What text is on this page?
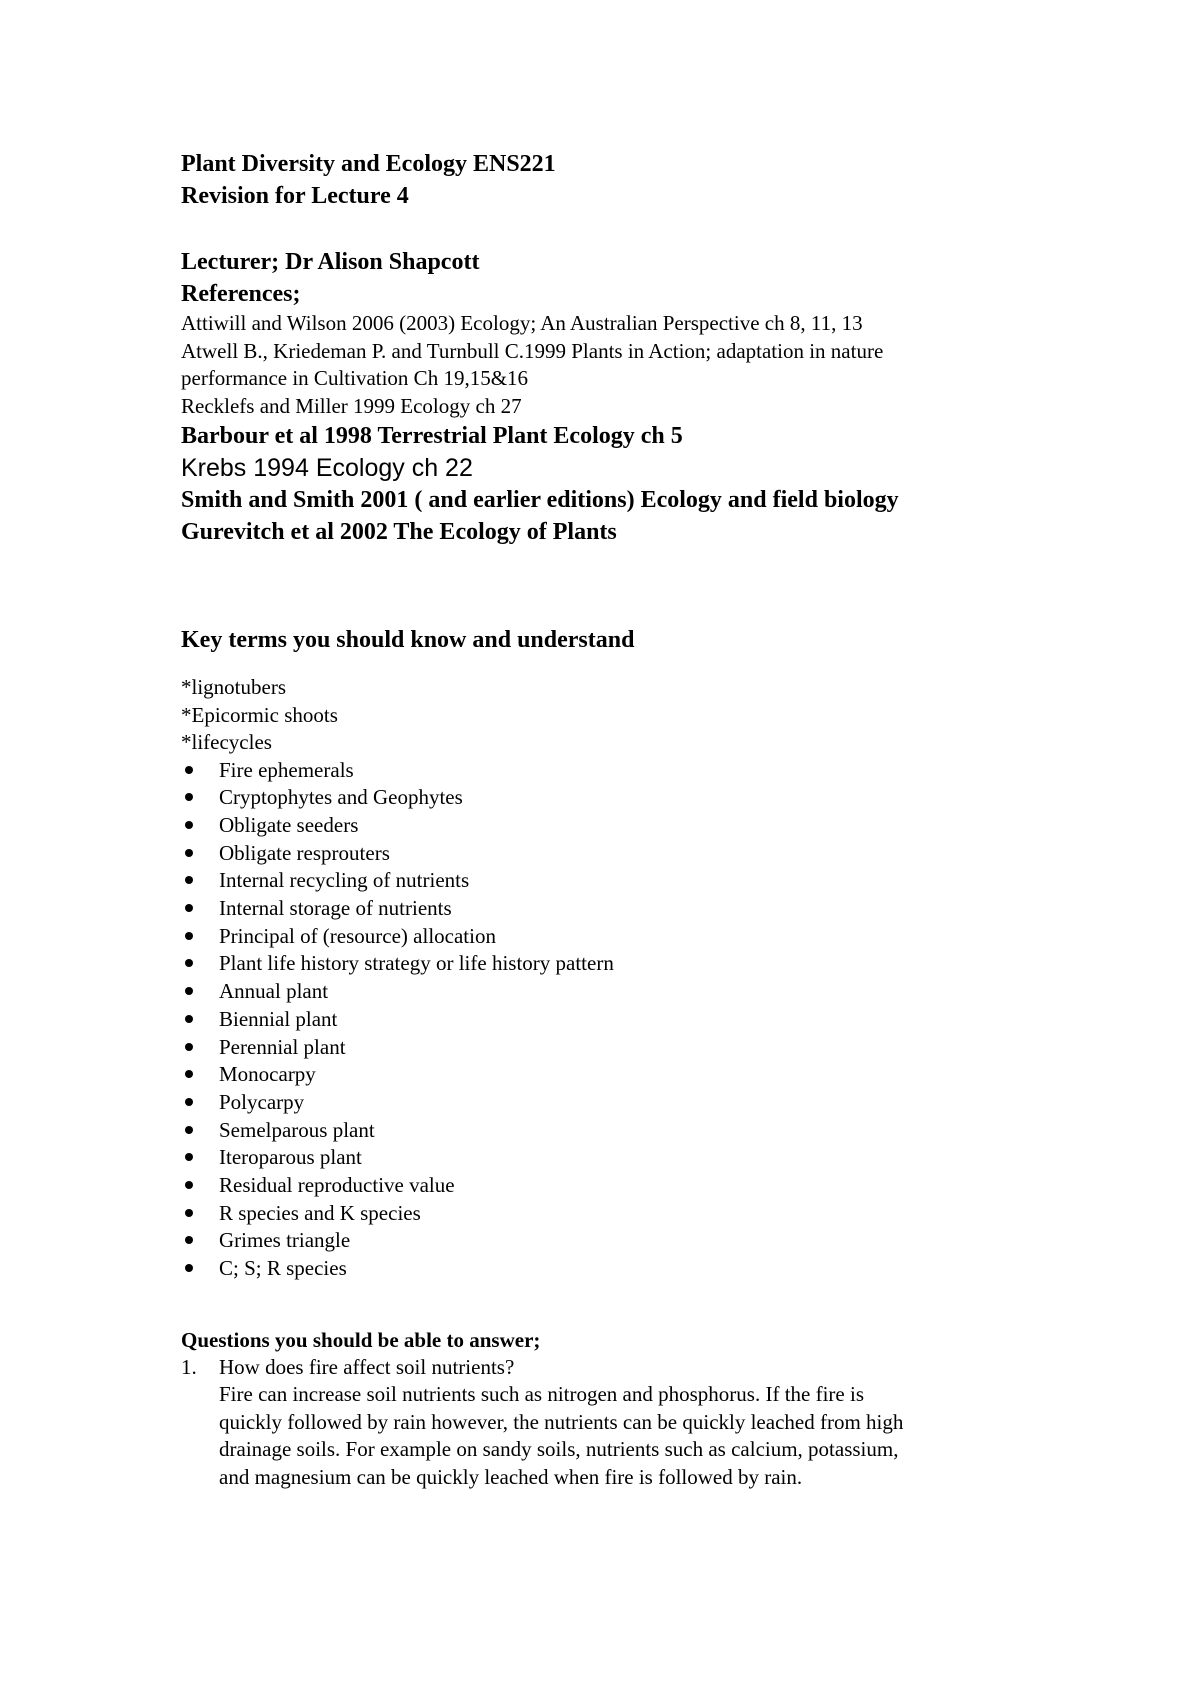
Plant Diversity and Ecology ENS221

Revision for Lecture 4

Lecturer; Dr Alison Shapcott

References;

Attiwill and Wilson 2006 (2003) Ecology; An Australian Perspective ch 8, 11, 13

Atwell B., Kriedeman P. and Turnbull C.1999 Plants in Action; adaptation in nature

performance in Cultivation Ch 19,15&16

Recklefs and Miller 1999 Ecology ch 27

Barbour et al 1998 Terrestrial Plant Ecology ch 5

Krebs 1994 Ecology ch 22

Smith and Smith 2001 ( and earlier editions) Ecology and field biology

Gurevitch et al 2002 The Ecology of Plants

Key terms you should know and understand

*lignotubers

*Epicormic shoots

*lifecycles

Fire ephemerals
Cryptophytes and Geophytes
Obligate seeders
Obligate resprouters
Internal recycling of nutrients
Internal storage of nutrients
Principal of (resource) allocation
Plant life history strategy or life history pattern
Annual plant
Biennial plant
Perennial plant
Monocarpy
Polycarpy
Semelparous plant
Iteroparous plant
Residual reproductive value
R species and K species
Grimes triangle
C; S; R species

Questions you should be able to answer;

1. How does fire affect soil nutrients?
Fire can increase soil nutrients such as nitrogen and phosphorus. If the fire is
quickly followed by rain however, the nutrients can be quickly leached from high
drainage soils. For example on sandy soils, nutrients such as calcium, potassium,
and magnesium can be quickly leached when fire is followed by rain.
